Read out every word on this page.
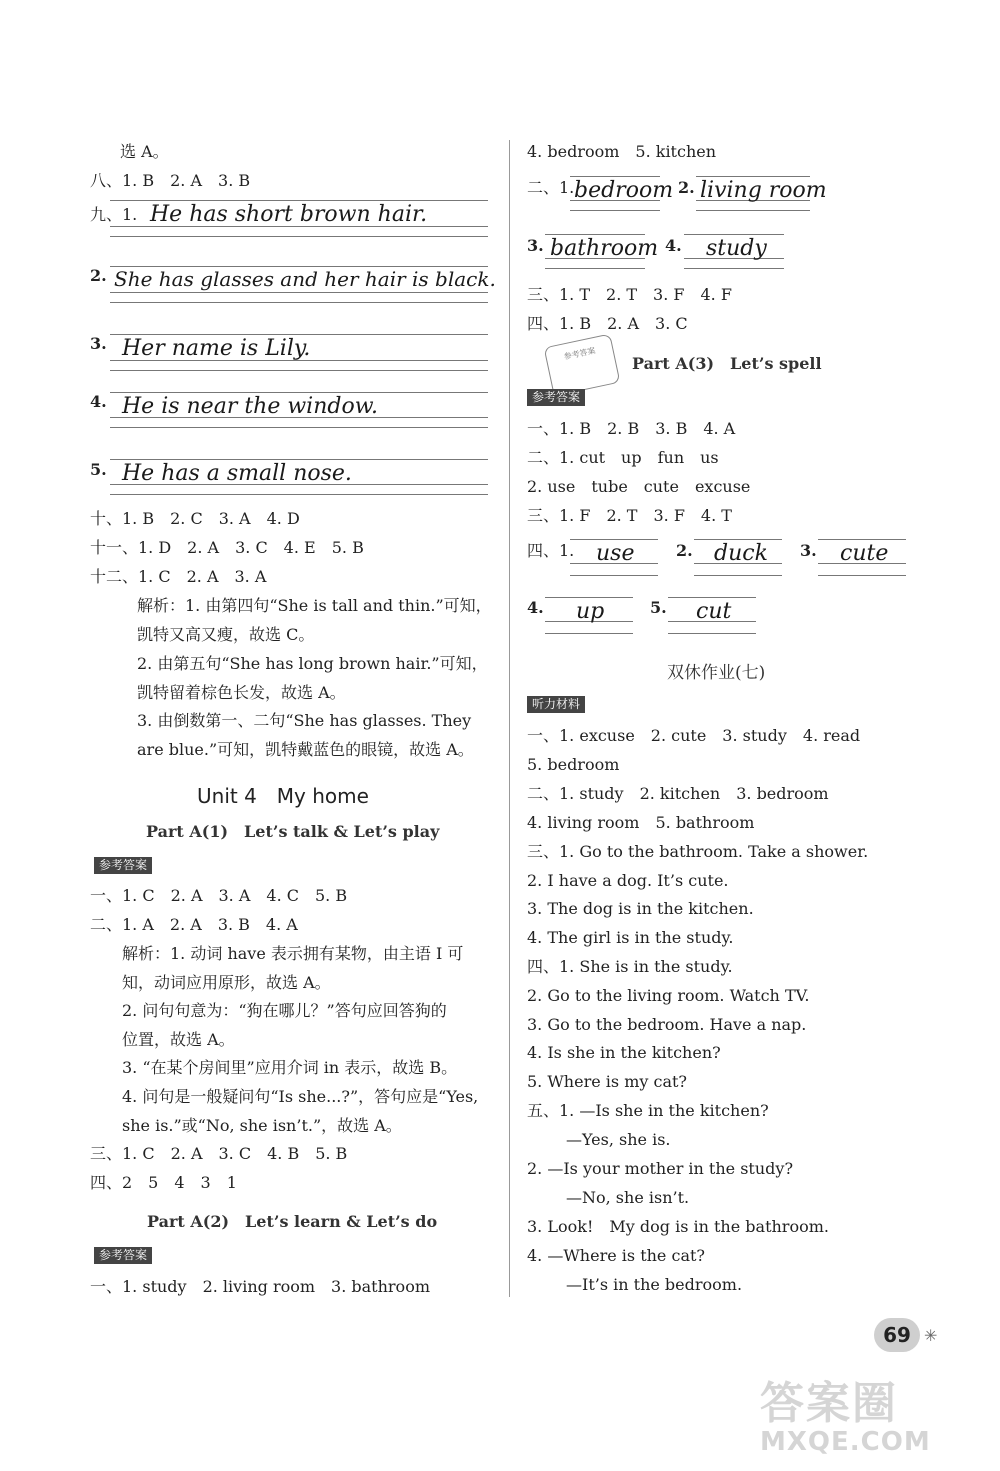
选 A。
八、1. B　2. A　3. B
九、1. He has short brown hair.
2. She has glasses and her hair is black.
3. Her name is Lily.
4. He is near the window.
5. He has a small nose.
十、1. B　2. C　3. A　4. D
十一、1. D　2. A　3. C　4. E　5. B
十二、1. C　2. A　3. A
解析：1. 由第四句“She is tall and thin.”可知，
凯特又高又瘦，故选 C。
2. 由第五句“She has long brown hair.”可知，
凯特留着棕色长发，故选 A。
3. 由倒数第一、二句“She has glasses. They
are blue.”可知，凯特戴蓝色的眼镜，故选 A。
Unit 4　My home
Part A(1)　Let’s talk & Let’s play
参考答案
一、1. C　2. A　3. A　4. C　5. B
二、1. A　2. A　3. B　4. A
解析：1. 动词 have 表示拥有某物，由主语 I 可
知，动词应用原形，故选 A。
2. 问句句意为：“狗在哪儿？”答句应回答狗的
位置，故选 A。
3. “在某个房间里”应用介词 in 表示，故选 B。
4. 问句是一般疑问句“Is she...?”，答句应是“Yes,
she is.”或“No, she isn’t.”，故选 A。
三、1. C　2. A　3. C　4. B　5. B
四、2　5　4　3　1
Part A(2)　Let’s learn & Let’s do
参考答案
一、1. study　2. living room　3. bathroom
4. bedroom　5. kitchen
二、1. bedroom 2. living room
3. bathroom 4. study
三、1. T　2. T　3. F　4. F
四、1. B　2. A　3. C
参考答案
Part A(3)　Let’s spell
参考答案
一、1. B　2. B　3. B　4. A
二、1. cut　up　fun　us
2. use　tube　cute　excuse
三、1. F　2. T　3. F　4. T
四、1. use	2. duck 3. cute
4. up	5. cut
双休作业(七)
听力材料
一、1. excuse　2. cute　3. study　4. read
5. bedroom
二、1. study　2. kitchen　3. bedroom
4. living room　5. bathroom
三、1. Go to the bathroom. Take a shower.
2. I have a dog. It’s cute.
3. The dog is in the kitchen.
4. The girl is in the study.
四、1. She is in the study.
2. Go to the living room. Watch TV.
3. Go to the bedroom. Have a nap.
4. Is she in the kitchen?
5. Where is my cat?
五、1. —Is she in the kitchen?
—Yes, she is.
2. —Is your mother in the study?
—No, she isn’t.
3. Look!　My dog is in the bathroom.
4. —Where is the cat?
—It’s in the bedroom.
69 ✳
答案圈
MXQE.COM
